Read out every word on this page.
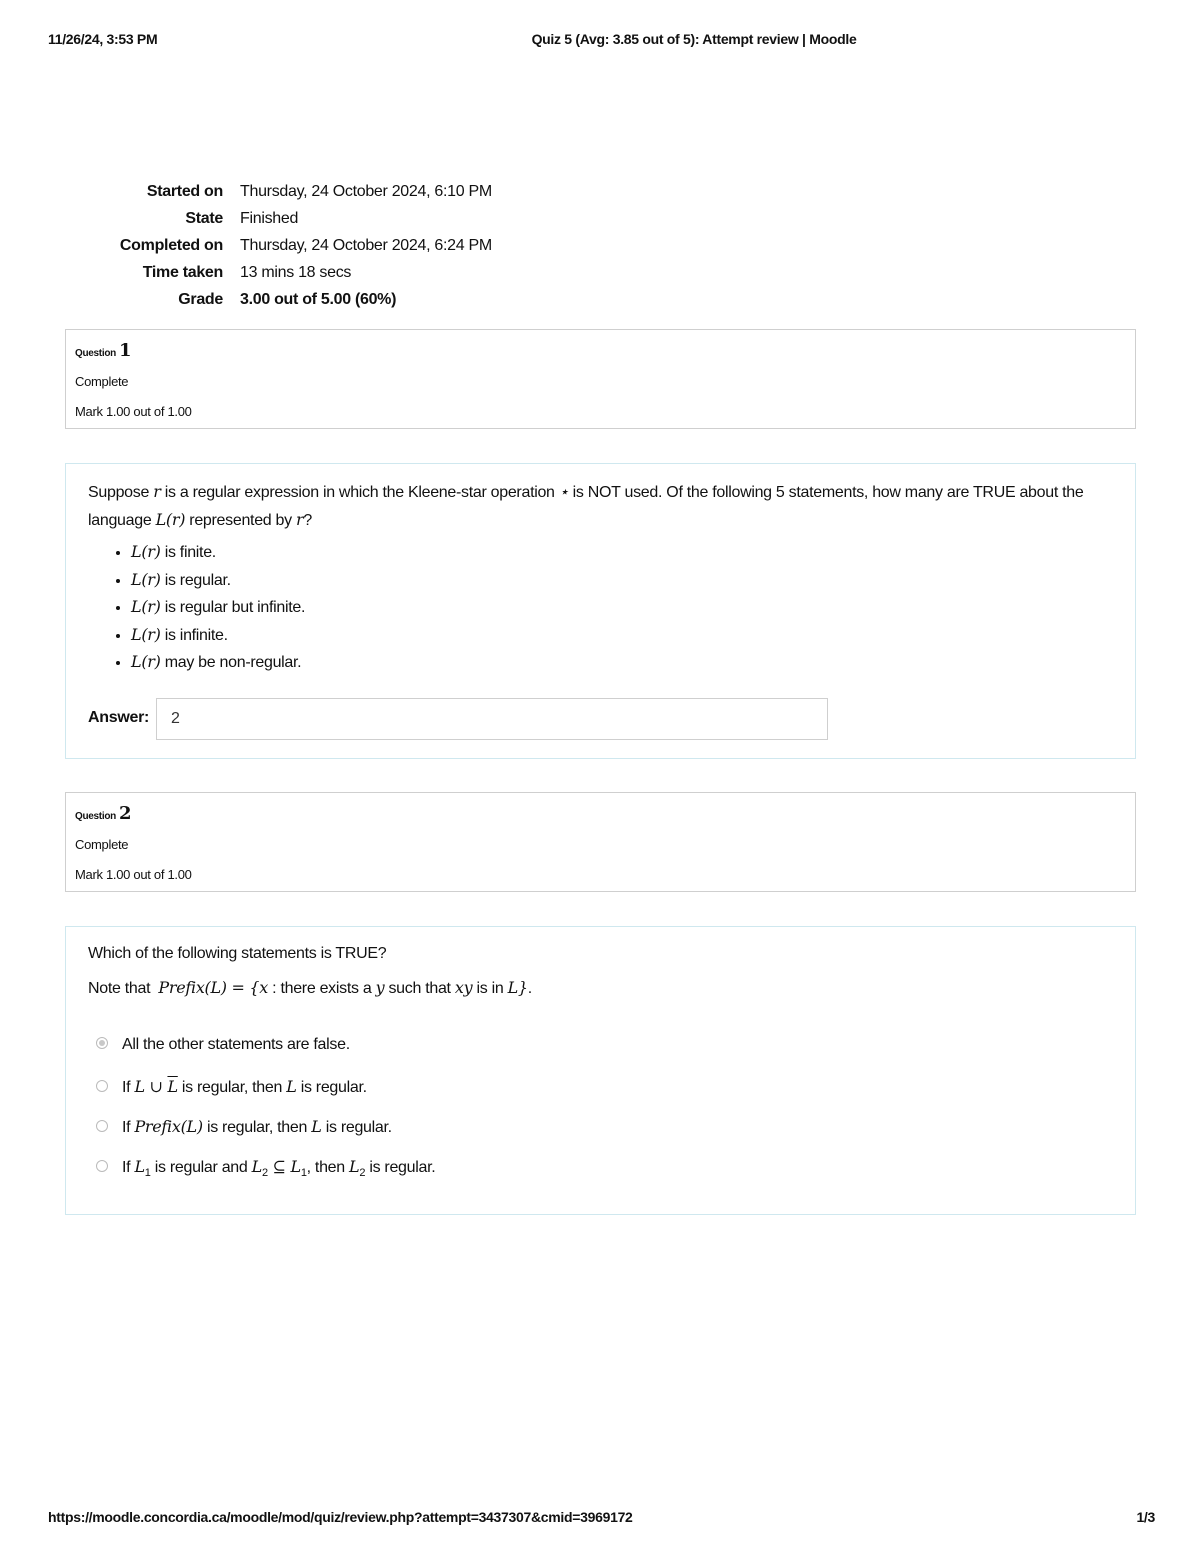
11/26/24, 3:53 PM	Quiz 5 (Avg: 3.85 out of 5): Attempt review | Moodle
Started on	Thursday, 24 October 2024, 6:10 PM
State	Finished
Completed on	Thursday, 24 October 2024, 6:24 PM
Time taken	13 mins 18 secs
Grade	3.00 out of 5.00 (60%)
Question 1
Complete
Mark 1.00 out of 1.00
Suppose r is a regular expression in which the Kleene-star operation ⋆ is NOT used. Of the following 5 statements, how many are TRUE about the language L(r) represented by r?
• L(r) is finite.
• L(r) is regular.
• L(r) is regular but infinite.
• L(r) is infinite.
• L(r) may be non-regular.
Answer:	2
Question 2
Complete
Mark 1.00 out of 1.00
Which of the following statements is TRUE?
Note that Prefix(L) = {x : there exists a y such that xy is in L}.
All the other statements are false.
If L ∪ $\overline{L}$ is regular, then L is regular.
If Prefix(L) is regular, then L is regular.
If $L_1$ is regular and $L_2$ ⊆ $L_1$, then $L_2$ is regular.
https://moodle.concordia.ca/moodle/mod/quiz/review.php?attempt=3437307&cmid=3969172	1/3
